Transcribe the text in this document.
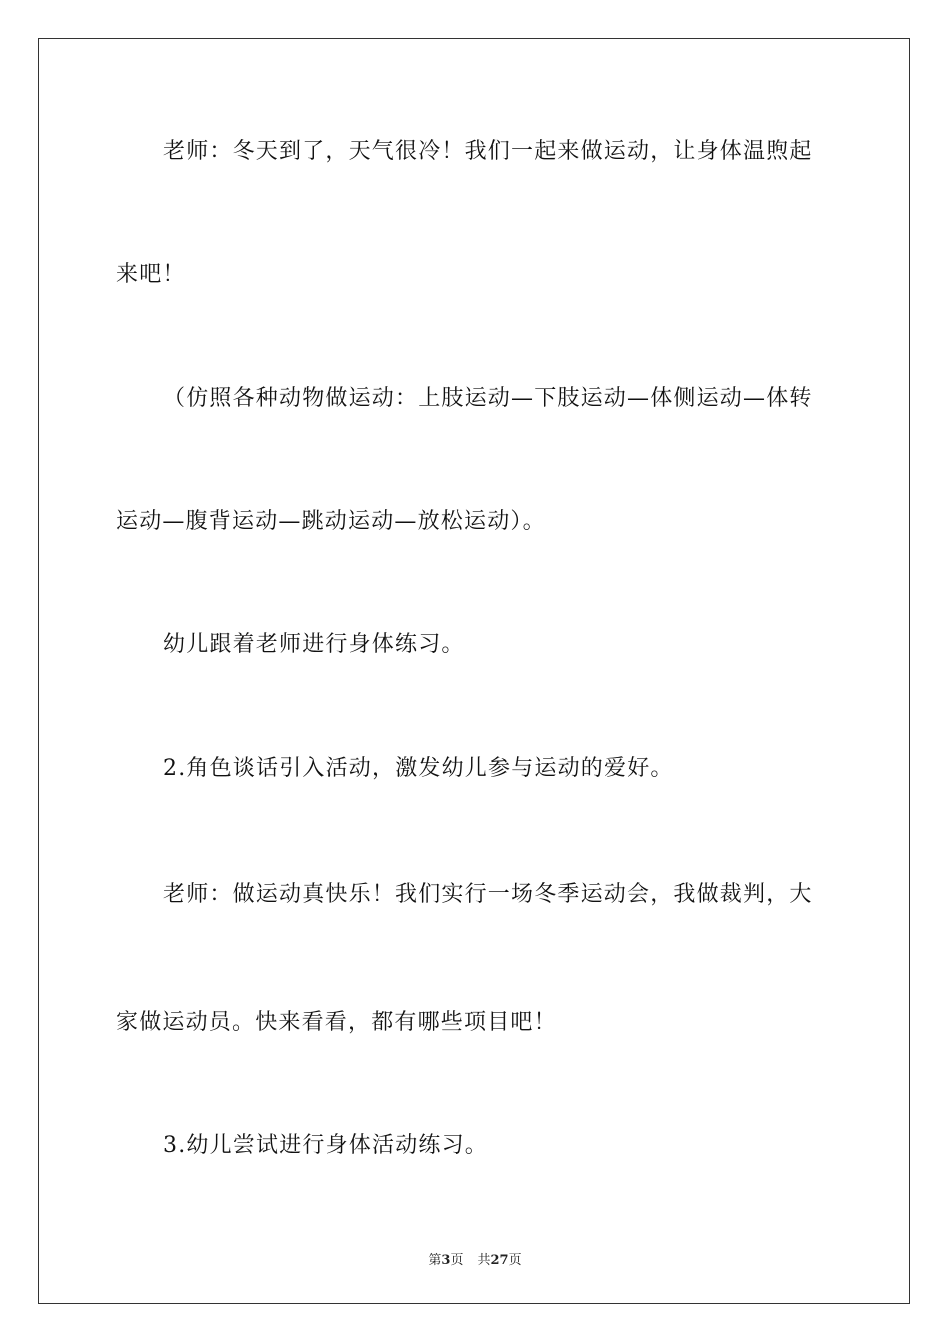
老师：冬天到了，天气很冷！我们一起来做运动，让身体温煦起

来吧！

（仿照各种动物做运动：上肢运动—下肢运动—体侧运动—体转

运动—腹背运动—跳动运动—放松运动）。

幼儿跟着老师进行身体练习。

2.角色谈话引入活动，激发幼儿参与运动的爱好。

老师：做运动真快乐！我们实行一场冬季运动会，我做裁判，大

家做运动员。快来看看，都有哪些项目吧！

3.幼儿尝试进行身体活动练习。

第3页 共27页
